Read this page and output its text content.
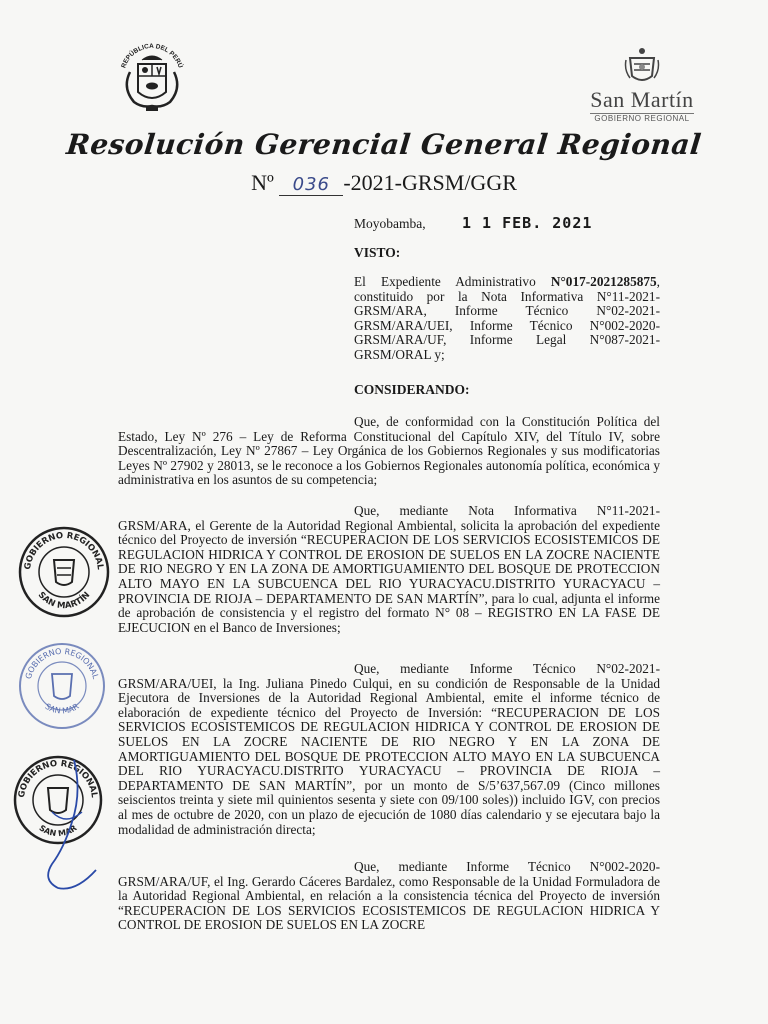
REPÚBLICA DEL PERÚ
San Martín
GOBIERNO REGIONAL
Resolución Gerencial General Regional
Nº 036 -2021-GRSM/GGR
Moyobamba, 1 1 FEB. 2021
VISTO:

El Expediente Administrativo N°017-2021285875, constituido por la Nota Informativa N°11-2021-GRSM/ARA, Informe Técnico N°02-2021-GRSM/ARA/UEI, Informe Técnico N°002-2020-GRSM/ARA/UF, Informe Legal N°087-2021-GRSM/ORAL y;

CONSIDERANDO:

Que, de conformidad con la Constitución Política del Estado, Ley Nº 276 – Ley de Reforma Constitucional del Capítulo XIV, del Título IV, sobre Descentralización, Ley Nº 27867 – Ley Orgánica de los Gobiernos Regionales y sus modificatorias Leyes Nº 27902 y 28013, se le reconoce a los Gobiernos Regionales autonomía política, económica y administrativa en los asuntos de su competencia;

Que, mediante Nota Informativa N°11-2021-GRSM/ARA, el Gerente de la Autoridad Regional Ambiental, solicita la aprobación del expediente técnico del Proyecto de inversión “RECUPERACION DE LOS SERVICIOS ECOSISTEMICOS DE REGULACION HIDRICA Y CONTROL DE EROSION DE SUELOS EN LA ZOCRE NACIENTE DE RIO NEGRO Y EN LA ZONA DE AMORTIGUAMIENTO DEL BOSQUE DE PROTECCION ALTO MAYO EN LA SUBCUENCA DEL RIO YURACYACU.DISTRITO YURACYACU – PROVINCIA DE RIOJA – DEPARTAMENTO DE SAN MARTÍN”, para lo cual, adjunta el informe de aprobación de consistencia y el registro del formato N° 08 – REGISTRO EN LA FASE DE EJECUCION en el Banco de Inversiones;

Que, mediante Informe Técnico N°02-2021-GRSM/ARA/UEI, la Ing. Juliana Pinedo Culqui, en su condición de Responsable de la Unidad Ejecutora de Inversiones de la Autoridad Regional Ambiental, emite el informe técnico de elaboración de expediente técnico del Proyecto de Inversión: “RECUPERACION DE LOS SERVICIOS ECOSISTEMICOS DE REGULACION HIDRICA Y CONTROL DE EROSION DE SUELOS EN LA ZOCRE NACIENTE DE RIO NEGRO Y EN LA ZONA DE AMORTIGUAMIENTO DEL BOSQUE DE PROTECCION ALTO MAYO EN LA SUBCUENCA DEL RIO YURACYACU.DISTRITO YURACYACU – PROVINCIA DE RIOJA – DEPARTAMENTO DE SAN MARTÍN”, por un monto de S/5’637,567.09 (Cinco millones seiscientos treinta y siete mil quinientos sesenta y siete con 09/100 soles)) incluido IGV, con precios al mes de octubre de 2020, con un plazo de ejecución de 1080 días calendario y se ejecutara bajo la modalidad de administración directa;

Que, mediante Informe Técnico N°002-2020-GRSM/ARA/UF, el Ing. Gerardo Cáceres Bardalez, como Responsable de la Unidad Formuladora de la Autoridad Regional Ambiental, en relación a la consistencia técnica del Proyecto de inversión “RECUPERACION DE LOS SERVICIOS ECOSISTEMICOS DE REGULACION HIDRICA Y CONTROL DE EROSION DE SUELOS EN LA ZOCRE

GOBIERNO REGIONAL
SAN MARTÍN
GOBIERNO REGIONAL
SAN MAR
GOBIERNO REGIONAL
SAN MAR
